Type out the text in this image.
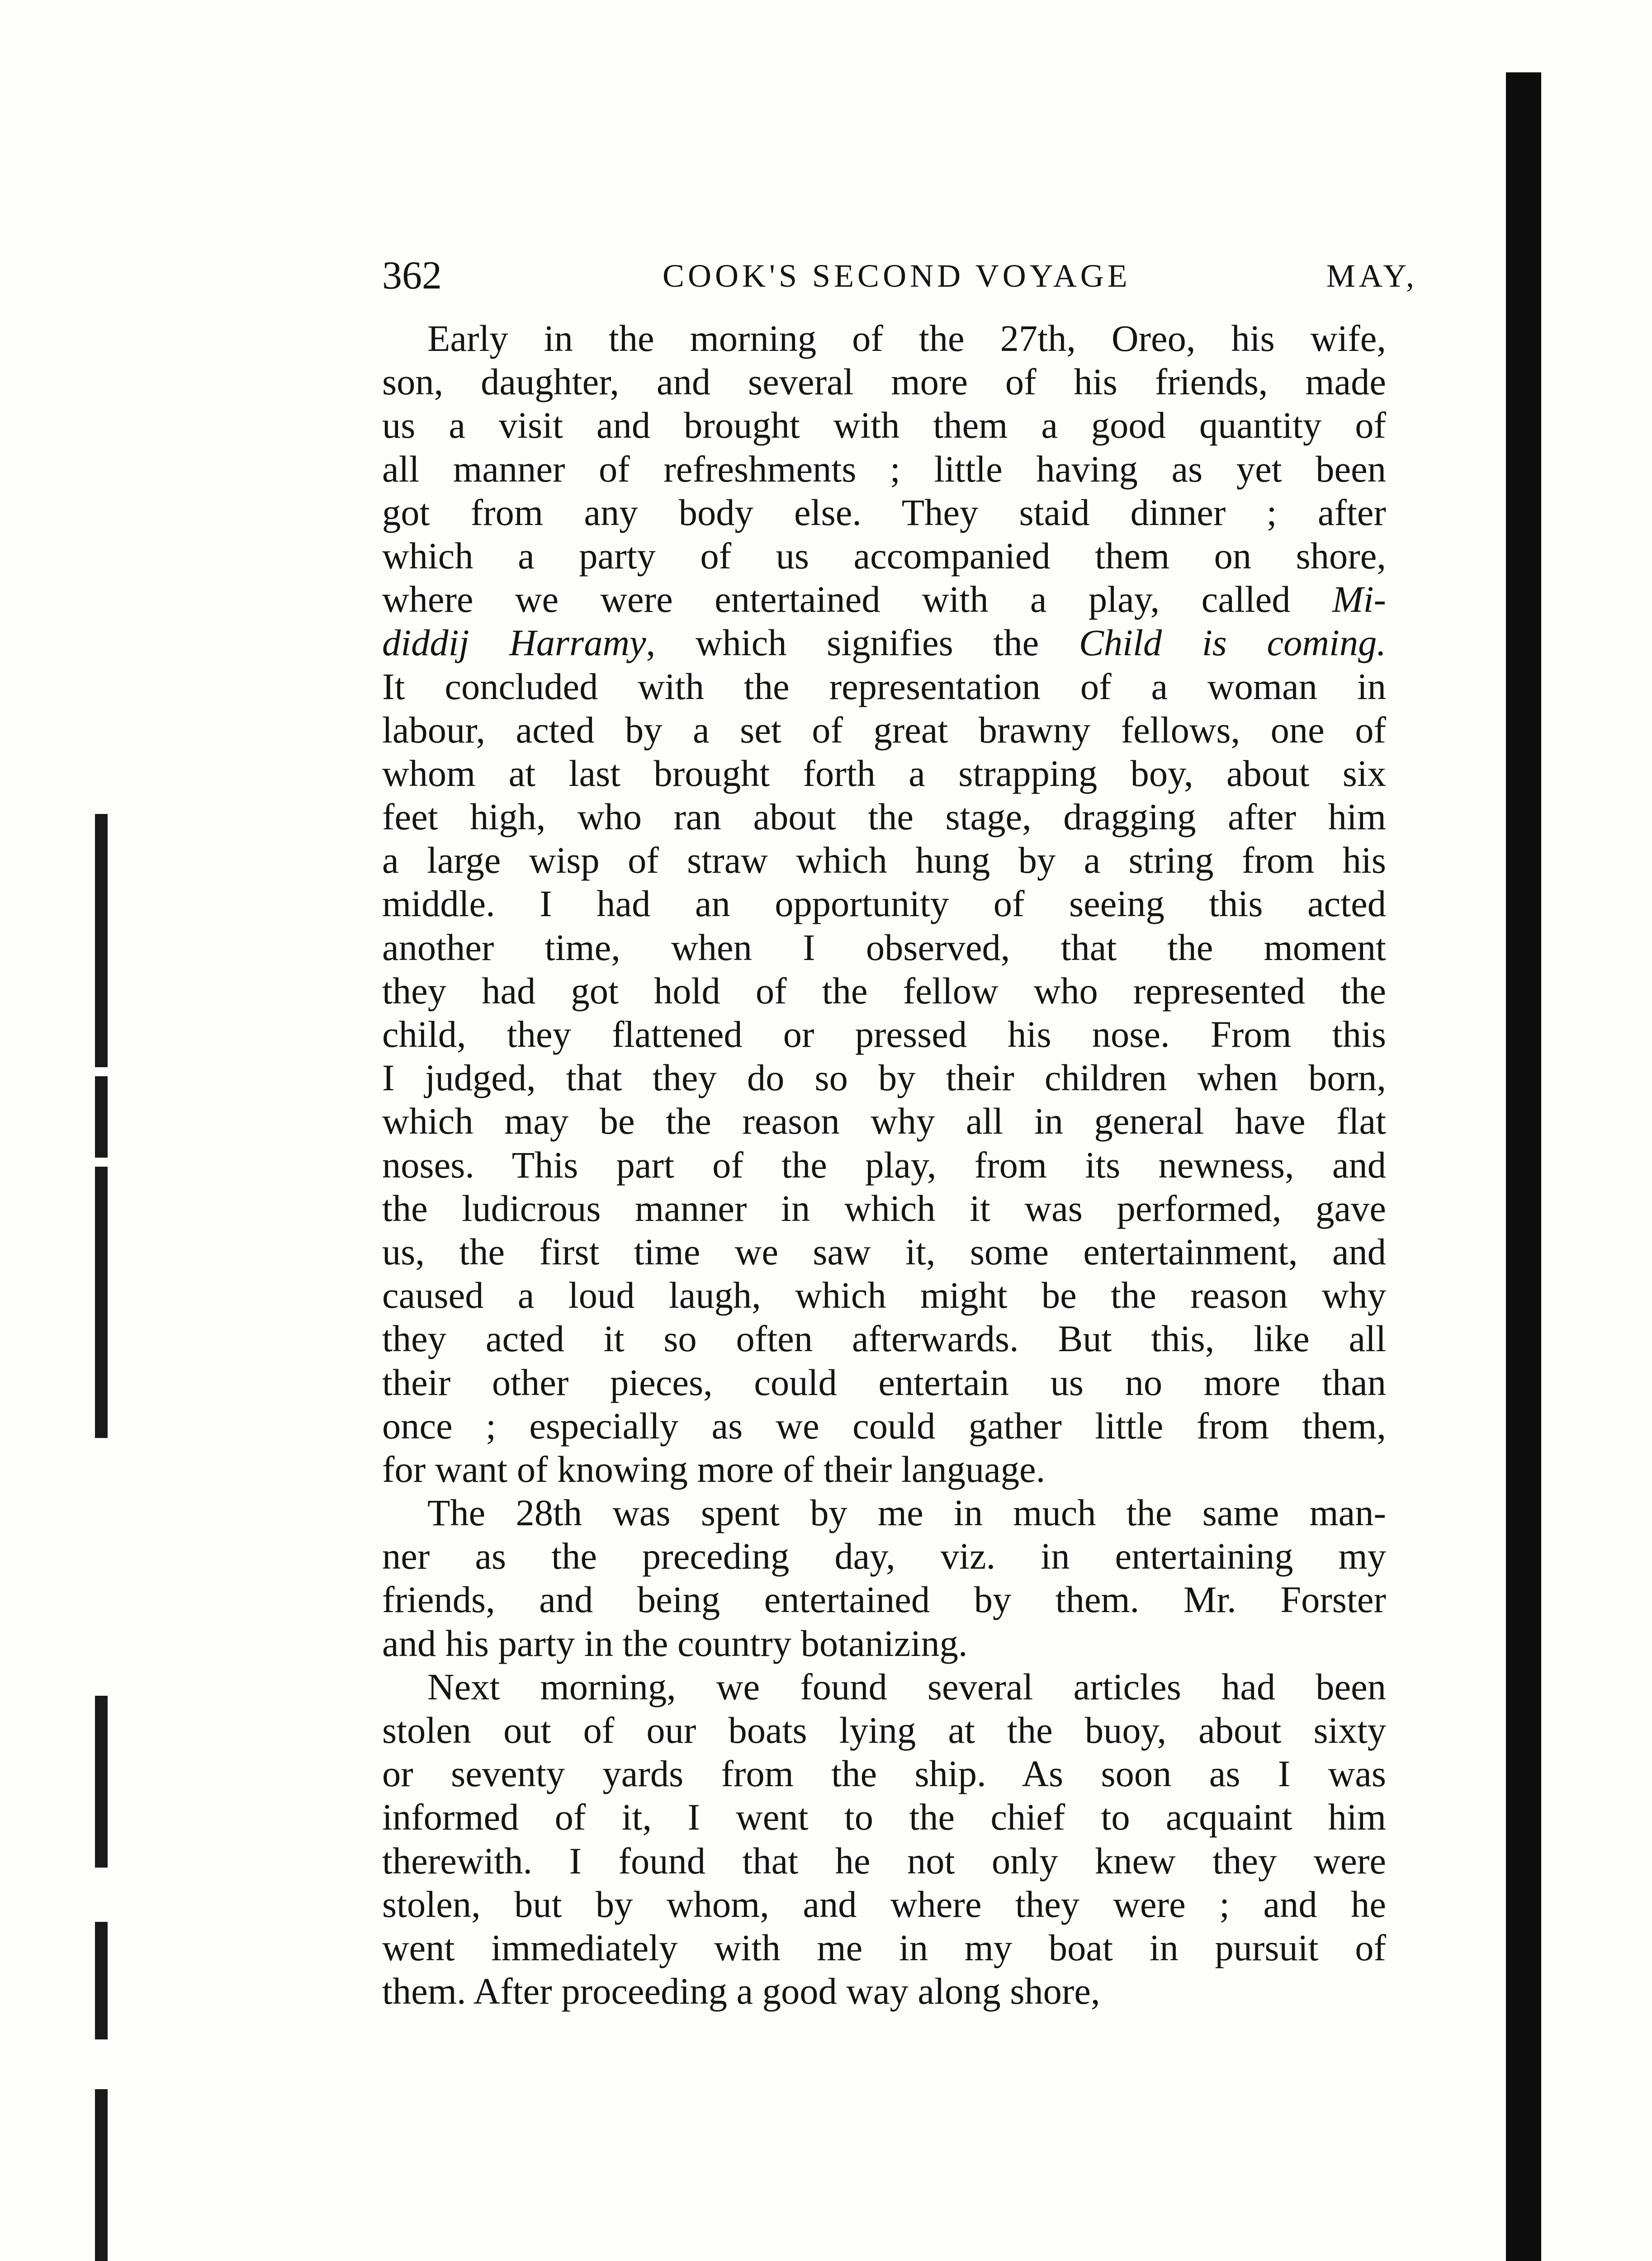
362	COOK'S SECOND VOYAGE	MAY,
Early in the morning of the 27th, Oreo, his wife,
son, daughter, and several more of his friends, made
us a visit and brought with them a good quantity of
all manner of refreshments ; little having as yet been
got from any body else. They staid dinner ; after
which a party of us accompanied them on shore,
where we were entertained with a play, called Mi-
diddij Harramy, which signifies the Child is coming.
It concluded with the representation of a woman in
labour, acted by a set of great brawny fellows, one of
whom at last brought forth a strapping boy, about six
feet high, who ran about the stage, dragging after him
a large wisp of straw which hung by a string from his
middle. I had an opportunity of seeing this acted
another time, when I observed, that the moment
they had got hold of the fellow who represented the
child, they flattened or pressed his nose. From this
I judged, that they do so by their children when born,
which may be the reason why all in general have flat
noses. This part of the play, from its newness, and
the ludicrous manner in which it was performed, gave
us, the first time we saw it, some entertainment, and
caused a loud laugh, which might be the reason why
they acted it so often afterwards. But this, like all
their other pieces, could entertain us no more than
once ; especially as we could gather little from them,
for want of knowing more of their language.
The 28th was spent by me in much the same man-
ner as the preceding day, viz. in entertaining my
friends, and being entertained by them. Mr. Forster
and his party in the country botanizing.
Next morning, we found several articles had been
stolen out of our boats lying at the buoy, about sixty
or seventy yards from the ship. As soon as I was
informed of it, I went to the chief to acquaint him
therewith. I found that he not only knew they were
stolen, but by whom, and where they were ; and he
went immediately with me in my boat in pursuit of
them. After proceeding a good way along shore,
